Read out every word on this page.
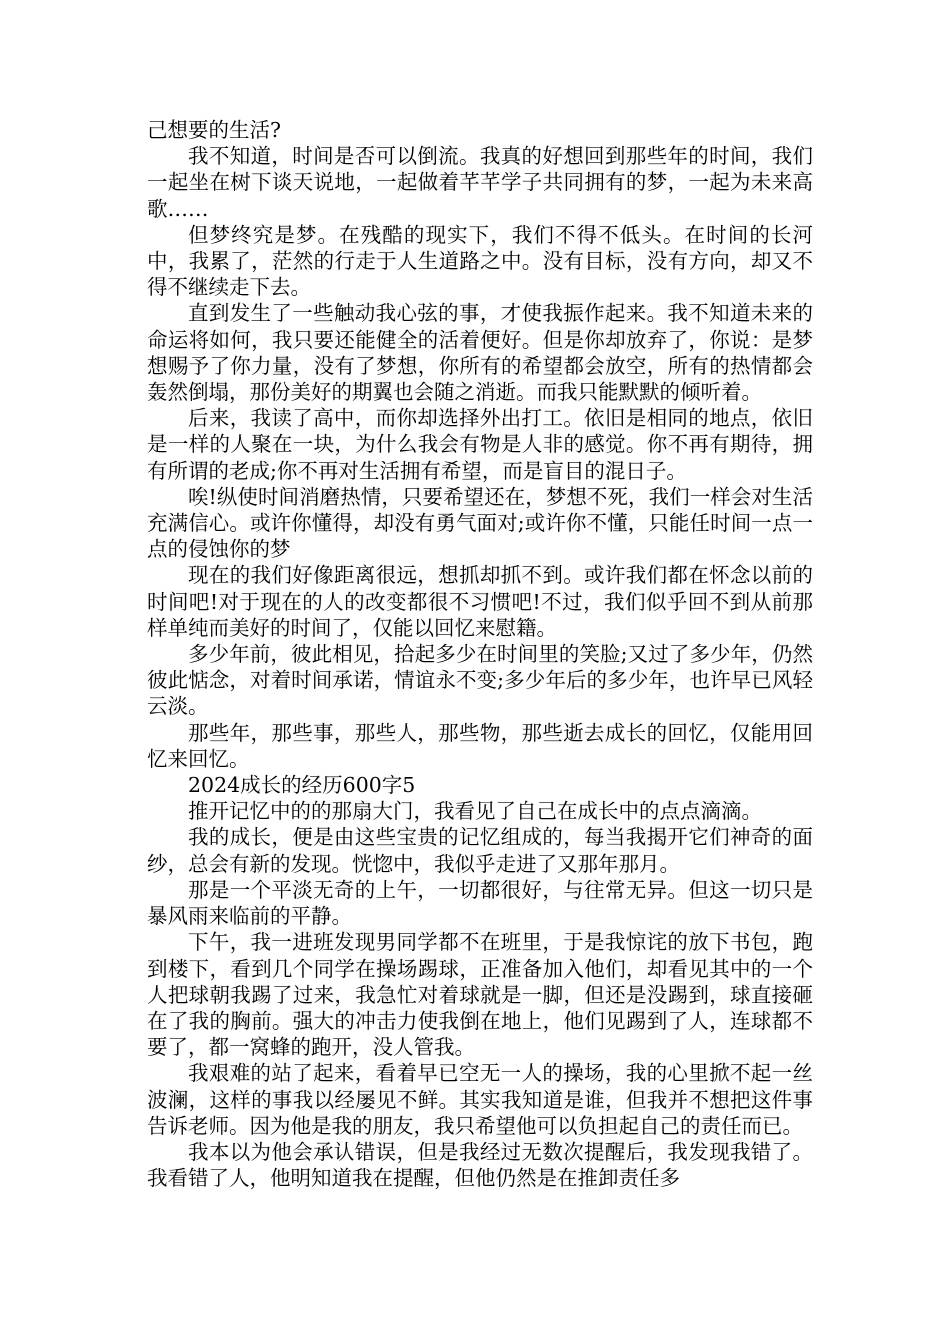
己想要的生活?

我不知道，时间是否可以倒流。我真的好想回到那些年的时间，我们一起坐在树下谈天说地，一起做着芊芊学子共同拥有的梦，一起为未来高歌……

但梦终究是梦。在残酷的现实下，我们不得不低头。在时间的长河中，我累了，茫然的行走于人生道路之中。没有目标，没有方向，却又不得不继续走下去。

直到发生了一些触动我心弦的事，才使我振作起来。我不知道未来的命运将如何，我只要还能健全的活着便好。但是你却放弃了，你说：是梦想赐予了你力量，没有了梦想，你所有的希望都会放空，所有的热情都会轰然倒塌，那份美好的期翼也会随之消逝。而我只能默默的倾听着。

后来，我读了高中，而你却选择外出打工。依旧是相同的地点，依旧是一样的人聚在一块，为什么我会有物是人非的感觉。你不再有期待，拥有所谓的老成;你不再对生活拥有希望，而是盲目的混日子。

唉!纵使时间消磨热情，只要希望还在，梦想不死，我们一样会对生活充满信心。或许你懂得，却没有勇气面对;或许你不懂，只能任时间一点一点的侵蚀你的梦

现在的我们好像距离很远，想抓却抓不到。或许我们都在怀念以前的时间吧!对于现在的人的改变都很不习惯吧!不过，我们似乎回不到从前那样单纯而美好的时间了，仅能以回忆来慰籍。

多少年前，彼此相见，拾起多少在时间里的笑脸;又过了多少年，仍然彼此惦念，对着时间承诺，情谊永不变;多少年后的多少年，也许早已风轻云淡。

那些年，那些事，那些人，那些物，那些逝去成长的回忆，仅能用回忆来回忆。

2024成长的经历600字5

推开记忆中的的那扇大门，我看见了自己在成长中的点点滴滴。

我的成长，便是由这些宝贵的记忆组成的，每当我揭开它们神奇的面纱，总会有新的发现。恍惚中，我似乎走进了又那年那月。

那是一个平淡无奇的上午，一切都很好，与往常无异。但这一切只是暴风雨来临前的平静。

下午，我一进班发现男同学都不在班里，于是我惊诧的放下书包，跑到楼下，看到几个同学在操场踢球，正准备加入他们，却看见其中的一个人把球朝我踢了过来，我急忙对着球就是一脚，但还是没踢到，球直接砸在了我的胸前。强大的冲击力使我倒在地上，他们见踢到了人，连球都不要了，都一窝蜂的跑开，没人管我。

我艰难的站了起来，看着早已空无一人的操场，我的心里掀不起一丝波澜，这样的事我以经屡见不鲜。其实我知道是谁，但我并不想把这件事告诉老师。因为他是我的朋友，我只希望他可以负担起自己的责任而已。

我本以为他会承认错误，但是我经过无数次提醒后，我发现我错了。我看错了人，他明知道我在提醒，但他仍然是在推卸责任多
